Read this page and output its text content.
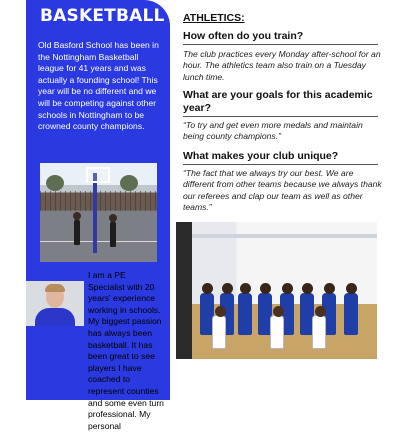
BASKETBALL

Old Basford School has been in the Nottingham Basketball league for 41 years and was actually a founding school! This year will be no different and we will be competing against other schools in Nottingham to be crowned county champions.

I am a PE Specialist with 20 years' experience working in schools. My biggest passion has always been basketball. It has been great to see players I have coached to represent counties and some even turn professional. My personal

ATHLETICS:

How often do you train?

The club practices every Monday after-school for an hour. The athletics team also train on a Tuesday lunch time.

What are your goals for this academic year?

“To try and get even more medals and maintain being county champions.”

What makes your club unique?

“The fact that we always try our best. We are different from other teams because we always thank our referees and clap our team as well as other teams.”
